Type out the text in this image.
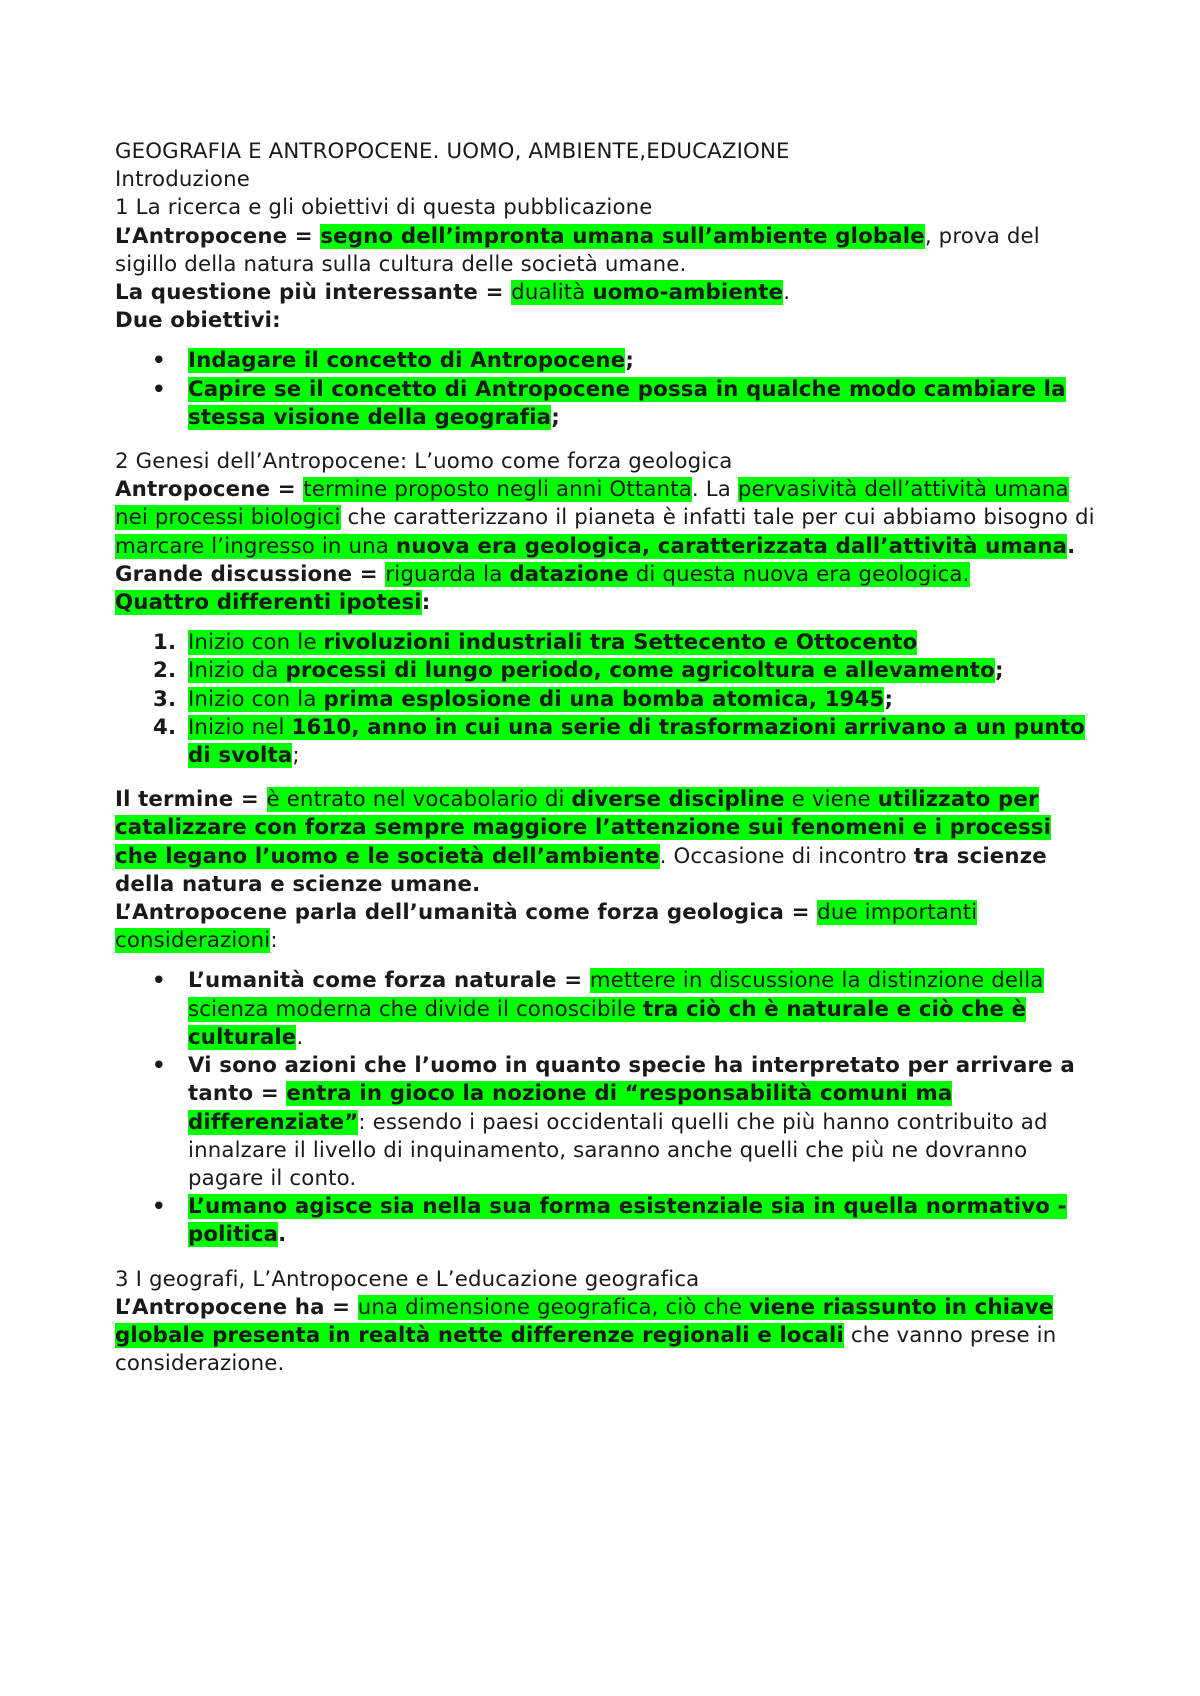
GEOGRAFIA E ANTROPOCENE. UOMO, AMBIENTE,EDUCAZIONE

Introduzione

1 La ricerca e gli obiettivi di questa pubblicazione

L’Antropocene = segno dell’impronta umana sull’ambiente globale, prova del sigillo della natura sulla cultura delle società umane.

La questione più interessante = dualità uomo-ambiente.

Due obiettivi:

• Indagare il concetto di Antropocene;
• Capire se il concetto di Antropocene possa in qualche modo cambiare la stessa visione della geografia;

2 Genesi dell’Antropocene: L’uomo come forza geologica

Antropocene = termine proposto negli anni Ottanta. La pervasività dell’attività umana nei processi biologici che caratterizzano il pianeta è infatti tale per cui abbiamo bisogno di marcare l’ingresso in una nuova era geologica, caratterizzata dall’attività umana.

Grande discussione = riguarda la datazione di questa nuova era geologica.
Quattro differenti ipotesi:

1. Inizio con le rivoluzioni industriali tra Settecento e Ottocento
2. Inizio da processi di lungo periodo, come agricoltura e allevamento;
3. Inizio con la prima esplosione di una bomba atomica, 1945;
4. Inizio nel 1610, anno in cui una serie di trasformazioni arrivano a un punto di svolta;

Il termine = è entrato nel vocabolario di diverse discipline e viene utilizzato per catalizzare con forza sempre maggiore l’attenzione sui fenomeni e i processi che legano l’uomo e le società dell’ambiente. Occasione di incontro tra scienze della natura e scienze umane.

L’Antropocene parla dell’umanità come forza geologica = due importanti considerazioni:

• L’umanità come forza naturale = mettere in discussione la distinzione della scienza moderna che divide il conoscibile tra ciò ch è naturale e ciò che è culturale.
• Vi sono azioni che l’uomo in quanto specie ha interpretato per arrivare a tanto = entra in gioco la nozione di “responsabilità comuni ma differenziate”: essendo i paesi occidentali quelli che più hanno contribuito ad innalzare il livello di inquinamento, saranno anche quelli che più ne dovranno pagare il conto.
• L’umano agisce sia nella sua forma esistenziale sia in quella normativo - politica.

3 I geografi, L’Antropocene e L’educazione geografica

L’Antropocene ha = una dimensione geografica, ciò che viene riassunto in chiave globale presenta in realtà nette differenze regionali e locali che vanno prese in considerazione.
